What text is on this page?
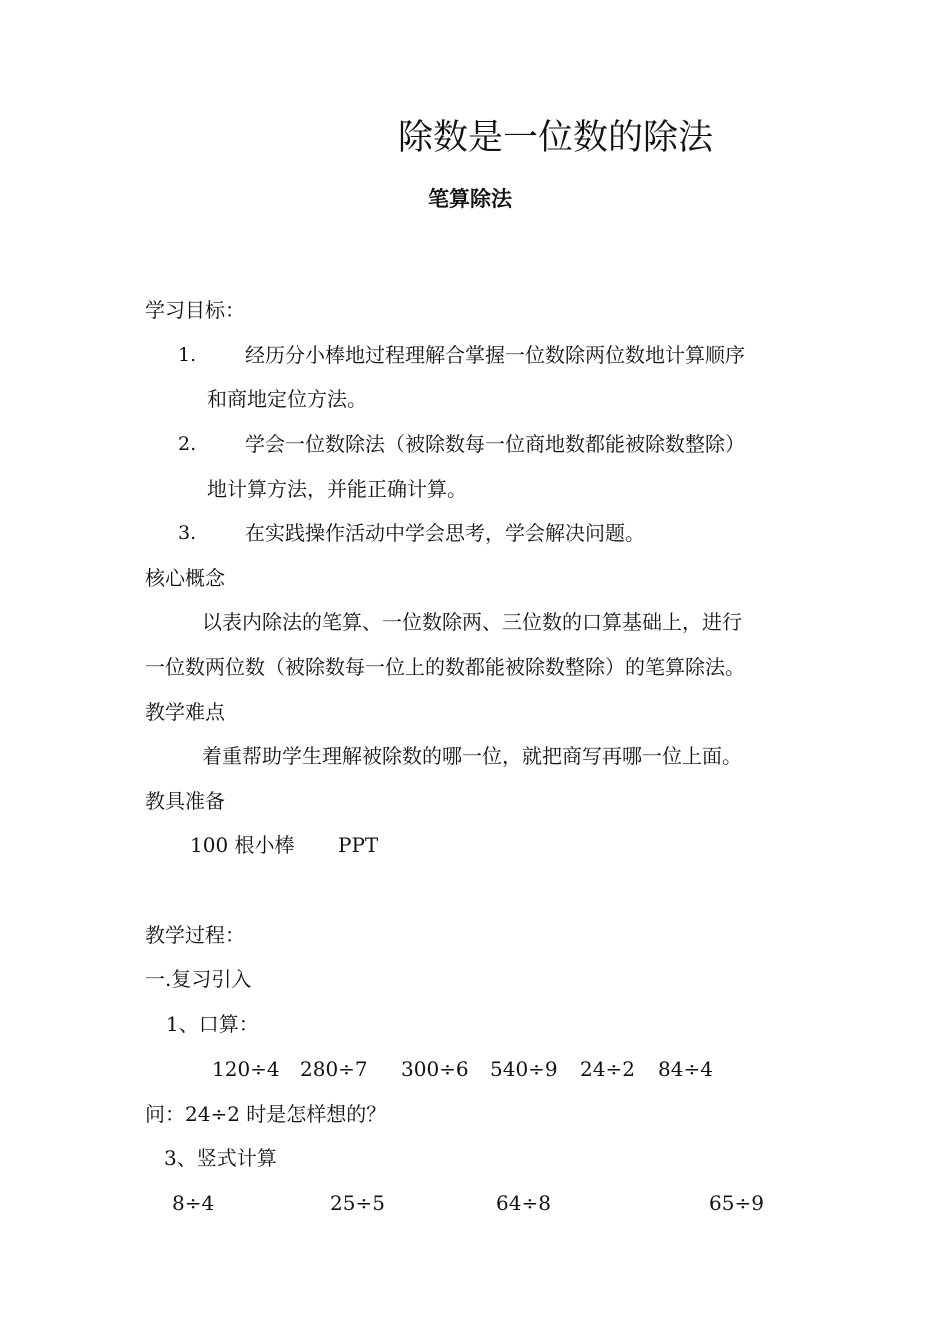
除数是一位数的除法
笔算除法
学习目标：
1. 经历分小棒地过程理解合掌握一位数除两位数地计算顺序
和商地定位方法。
2. 学会一位数除法（被除数每一位商地数都能被除数整除）
地计算方法，并能正确计算。
3. 在实践操作活动中学会思考，学会解决问题。
核心概念
以表内除法的笔算、一位数除两、三位数的口算基础上，进行
一位数两位数（被除数每一位上的数都能被除数整除）的笔算除法。
教学难点
着重帮助学生理解被除数的哪一位，就把商写再哪一位上面。
教具准备
100 根小棒 PPT
教学过程：
一.复习引入
1、口算：
120÷4 280÷7 300÷6 540÷9 24÷2 84÷4
问：24÷2 时是怎样想的？
3、竖式计算
8÷4	25÷5	64÷8	65÷9
